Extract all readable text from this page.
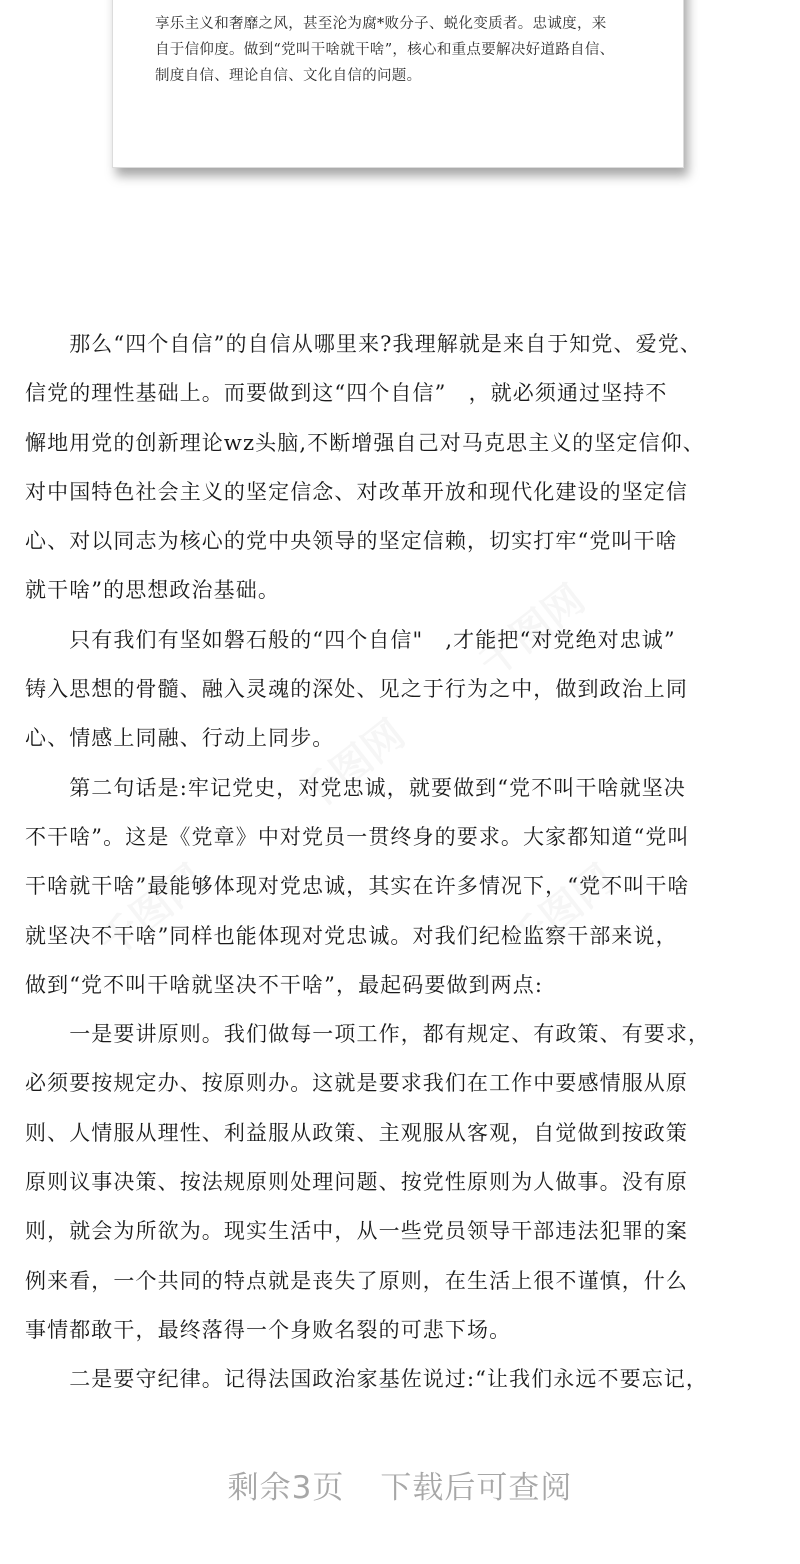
享乐主义和奢靡之风，甚至沦为腐*败分子、蜕化变质者。忠诚度，来

自于信仰度。做到“党叫干啥就干啥”，核心和重点要解决好道路自信、

制度自信、理论自信、文化自信的问题。

千图网
千图网
千图网	千图网
　　那么“四个自信”的自信从哪里来?我理解就是来自于知党、爱党、
信党的理性基础上。而要做到这“四个自信”　，就必须通过坚持不
懈地用党的创新理论wz头脑,不断增强自己对马克思主义的坚定信仰、
对中国特色社会主义的坚定信念、对改革开放和现代化建设的坚定信
心、对以同志为核心的党中央领导的坚定信赖，切实打牢“党叫干啥
就干啥”的思想政治基础。
　　只有我们有坚如磐石般的“四个自信"　,才能把“对党绝对忠诚”
铸入思想的骨髓、融入灵魂的深处、见之于行为之中，做到政治上同
心、情感上同融、行动上同步。
　　第二句话是:牢记党史，对党忠诚，就要做到“党不叫干啥就坚决
不干啥”。这是《党章》中对党员一贯终身的要求。大家都知道“党叫
干啥就干啥”最能够体现对党忠诚，其实在许多情况下，“党不叫干啥
就坚决不干啥”同样也能体现对党忠诚。对我们纪检监察干部来说，
做到“党不叫干啥就坚决不干啥”，最起码要做到两点:
　　一是要讲原则。我们做每一项工作，都有规定、有政策、有要求，
必须要按规定办、按原则办。这就是要求我们在工作中要感情服从原
则、人情服从理性、利益服从政策、主观服从客观，自觉做到按政策
原则议事决策、按法规原则处理问题、按党性原则为人做事。没有原
则，就会为所欲为。现实生活中，从一些党员领导干部违法犯罪的案
例来看，一个共同的特点就是丧失了原则，在生活上很不谨慎，什么
事情都敢干，最终落得一个身败名裂的可悲下场。
　　二是要守纪律。记得法国政治家基佐说过:“让我们永远不要忘记，
剩余3页 下载后可查阅
